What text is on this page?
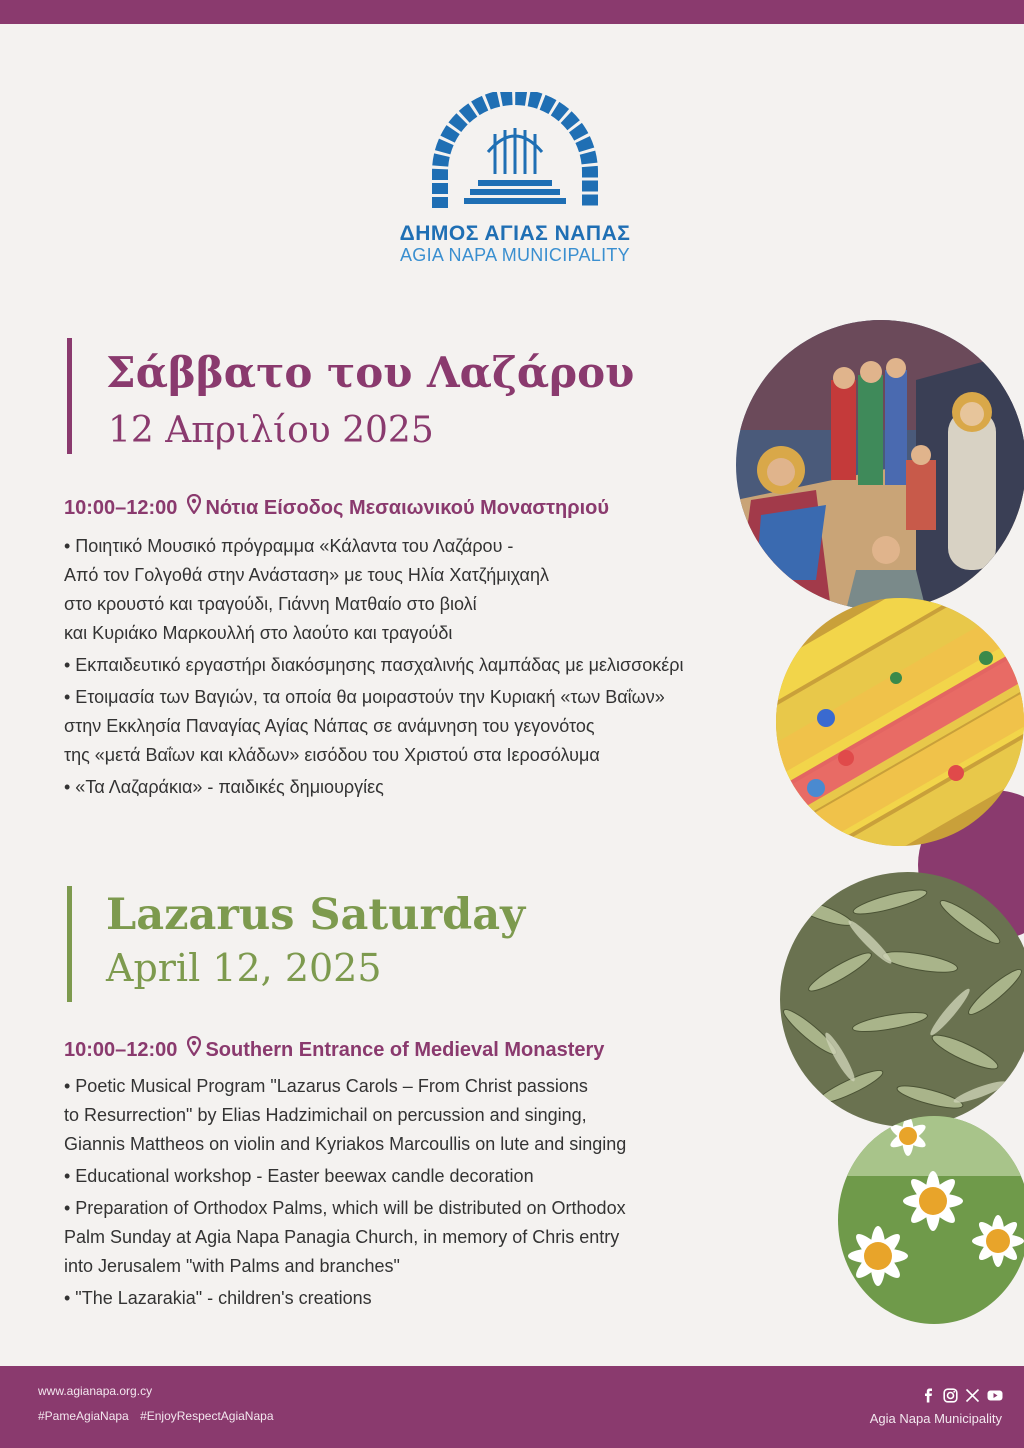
ΔΗΜΟΣ ΑΓΙΑΣ ΝΑΠΑΣ
AGIA NAPA MUNICIPALITY
Σάββατο του Λαζάρου
12 Απριλίου 2025
10:00–12:00 Νότια Είσοδος Μεσαιωνικού Μοναστηριού
• Ποιητικό Μουσικό πρόγραμμα «Κάλαντα του Λαζάρου -
Από τον Γολγοθά στην Ανάσταση» με τους Ηλία Χατζήμιχαηλ
στο κρουστό και τραγούδι, Γιάννη Ματθαίο στο βιολί
και Κυριάκο Μαρκουλλή στο λαούτο και τραγούδι
• Εκπαιδευτικό εργαστήρι διακόσμησης πασχαλινής λαμπάδας με μελισσοκέρι
• Ετοιμασία των Βαγιών, τα οποία θα μοιραστούν την Κυριακή «των Βαΐων»
στην Εκκλησία Παναγίας Αγίας Νάπας σε ανάμνηση του γεγονότος
της «μετά Βαΐων και κλάδων» εισόδου του Χριστού στα Ιεροσόλυμα
• «Τα Λαζαράκια» - παιδικές δημιουργίες
Lazarus Saturday
April 12, 2025
10:00–12:00 Southern Entrance of Medieval Monastery
• Poetic Musical Program "Lazarus Carols – From Christ passions
to Resurrection" by Elias Hadzimichail on percussion and singing,
Giannis Mattheos on violin and Kyriakos Marcoullis on lute and singing
• Educational workshop - Easter beewax candle decoration
• Preparation of Orthodox Palms, which will be distributed on Orthodox
Palm Sunday at Agia Napa Panagia Church, in memory of Chris entry
into Jerusalem "with Palms and branches"
• "The Lazarakia" - children's creations
www.agianapa.org.cy
#PameAgiaNapa #EnjoyRespectAgiaNapa	Agia Napa Municipality
